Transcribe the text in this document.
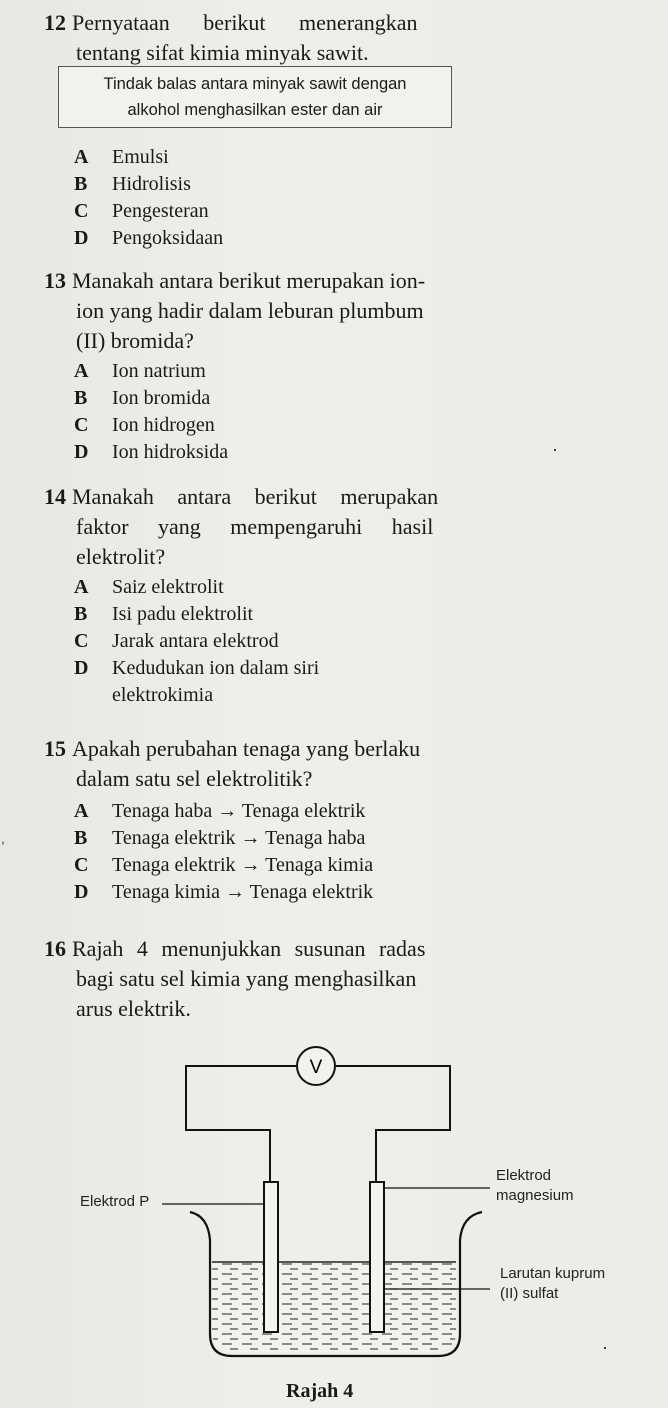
12 Pernyataan berikut menerangkan
tentang sifat kimia minyak sawit.
Tindak balas antara minyak sawit dengan
alkohol menghasilkan ester dan air
A Emulsi
B Hidrolisis
C Pengesteran
D Pengoksidaan
13 Manakah antara berikut merupakan ion-
ion yang hadir dalam leburan plumbum
(II) bromida?
A Ion natrium
B Ion bromida
C Ion hidrogen
D Ion hidroksida
14 Manakah antara berikut merupakan
faktor yang mempengaruhi hasil
elektrolit?
A Saiz elektrolit
B Isi padu elektrolit
C Jarak antara elektrod
D Kedudukan ion dalam siri
elektrokimia
15 Apakah perubahan tenaga yang berlaku
dalam satu sel elektrolitik?
A Tenaga haba → Tenaga elektrik
B Tenaga elektrik → Tenaga haba
C Tenaga elektrik → Tenaga kimia
D Tenaga kimia → Tenaga elektrik
16 Rajah 4 menunjukkan susunan radas
bagi satu sel kimia yang menghasilkan
arus elektrik.
V
Elektrod P
Elektrod
magnesium
Larutan kuprum
(II) sulfat
Rajah 4
ˈ
·
·
